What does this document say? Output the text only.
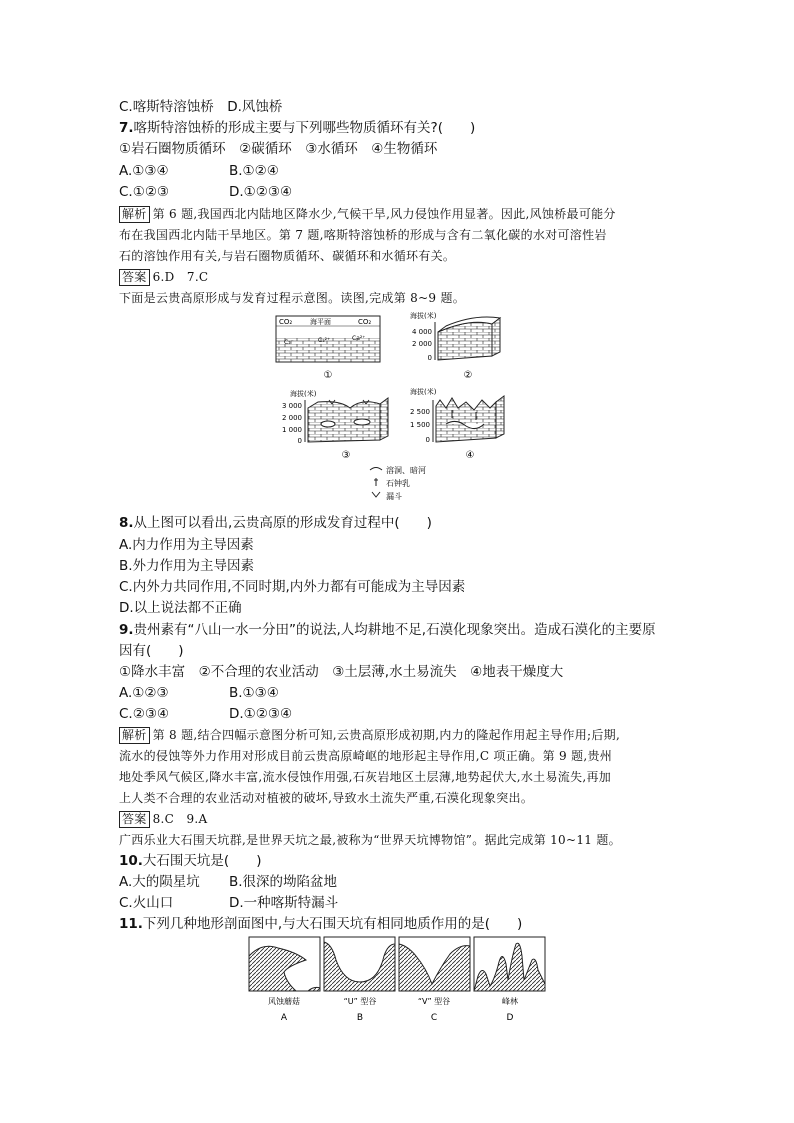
C.喀斯特溶蚀桥　D.风蚀桥
7.喀斯特溶蚀桥的形成主要与下列哪些物质循环有关?(　　)
①岩石圈物质循环　②碳循环　③水循环　④生物循环
A.①③④	B.①②④
C.①②③	D.①②③④
解析 第 6 题,我国西北内陆地区降水少,气候干旱,风力侵蚀作用显著。因此,风蚀桥最可能分
布在我国西北内陆干旱地区。第 7 题,喀斯特溶蚀桥的形成与含有二氧化碳的水对可溶性岩
石的溶蚀作用有关,与岩石圈物质循环、碳循环和水循环有关。
答案 6.D　7.C
下面是云贵高原形成与发育过程示意图。读图,完成第 8~9 题。
CO₂	海平面	CO₂
C₂⁻	C₃²⁺	Ca²⁺
①
海拔(米)
4 000
2 000
0
②
海拔(米)
3 000
2 000
1 000
0
③
海拔(米)
2 500
1 500
0
④
溶洞、暗河
石钟乳
漏斗
8.从上图可以看出,云贵高原的形成发育过程中(　　)
A.内力作用为主导因素
B.外力作用为主导因素
C.内外力共同作用,不同时期,内外力都有可能成为主导因素
D.以上说法都不正确
9.贵州素有“八山一水一分田”的说法,人均耕地不足,石漠化现象突出。造成石漠化的主要原
因有(　　)
①降水丰富　②不合理的农业活动　③土层薄,水土易流失　④地表干燥度大
A.①②③	B.①③④
C.②③④	D.①②③④
解析 第 8 题,结合四幅示意图分析可知,云贵高原形成初期,内力的隆起作用起主导作用;后期,
流水的侵蚀等外力作用对形成目前云贵高原崎岖的地形起主导作用,C 项正确。第 9 题,贵州
地处季风气候区,降水丰富,流水侵蚀作用强,石灰岩地区土层薄,地势起伏大,水土易流失,再加
上人类不合理的农业活动对植被的破坏,导致水土流失严重,石漠化现象突出。
答案 8.C　9.A
广西乐业大石围天坑群,是世界天坑之最,被称为“世界天坑博物馆”。据此完成第 10~11 题。
10.大石围天坑是(　　)
A.大的陨星坑 B.很深的坳陷盆地
C.火山口	D.一种喀斯特漏斗
11.下列几种地形剖面图中,与大石围天坑有相同地质作用的是(　　)
风蚀蘑菇
A
“U” 型谷
B
“V” 型谷
C
峰林
D
